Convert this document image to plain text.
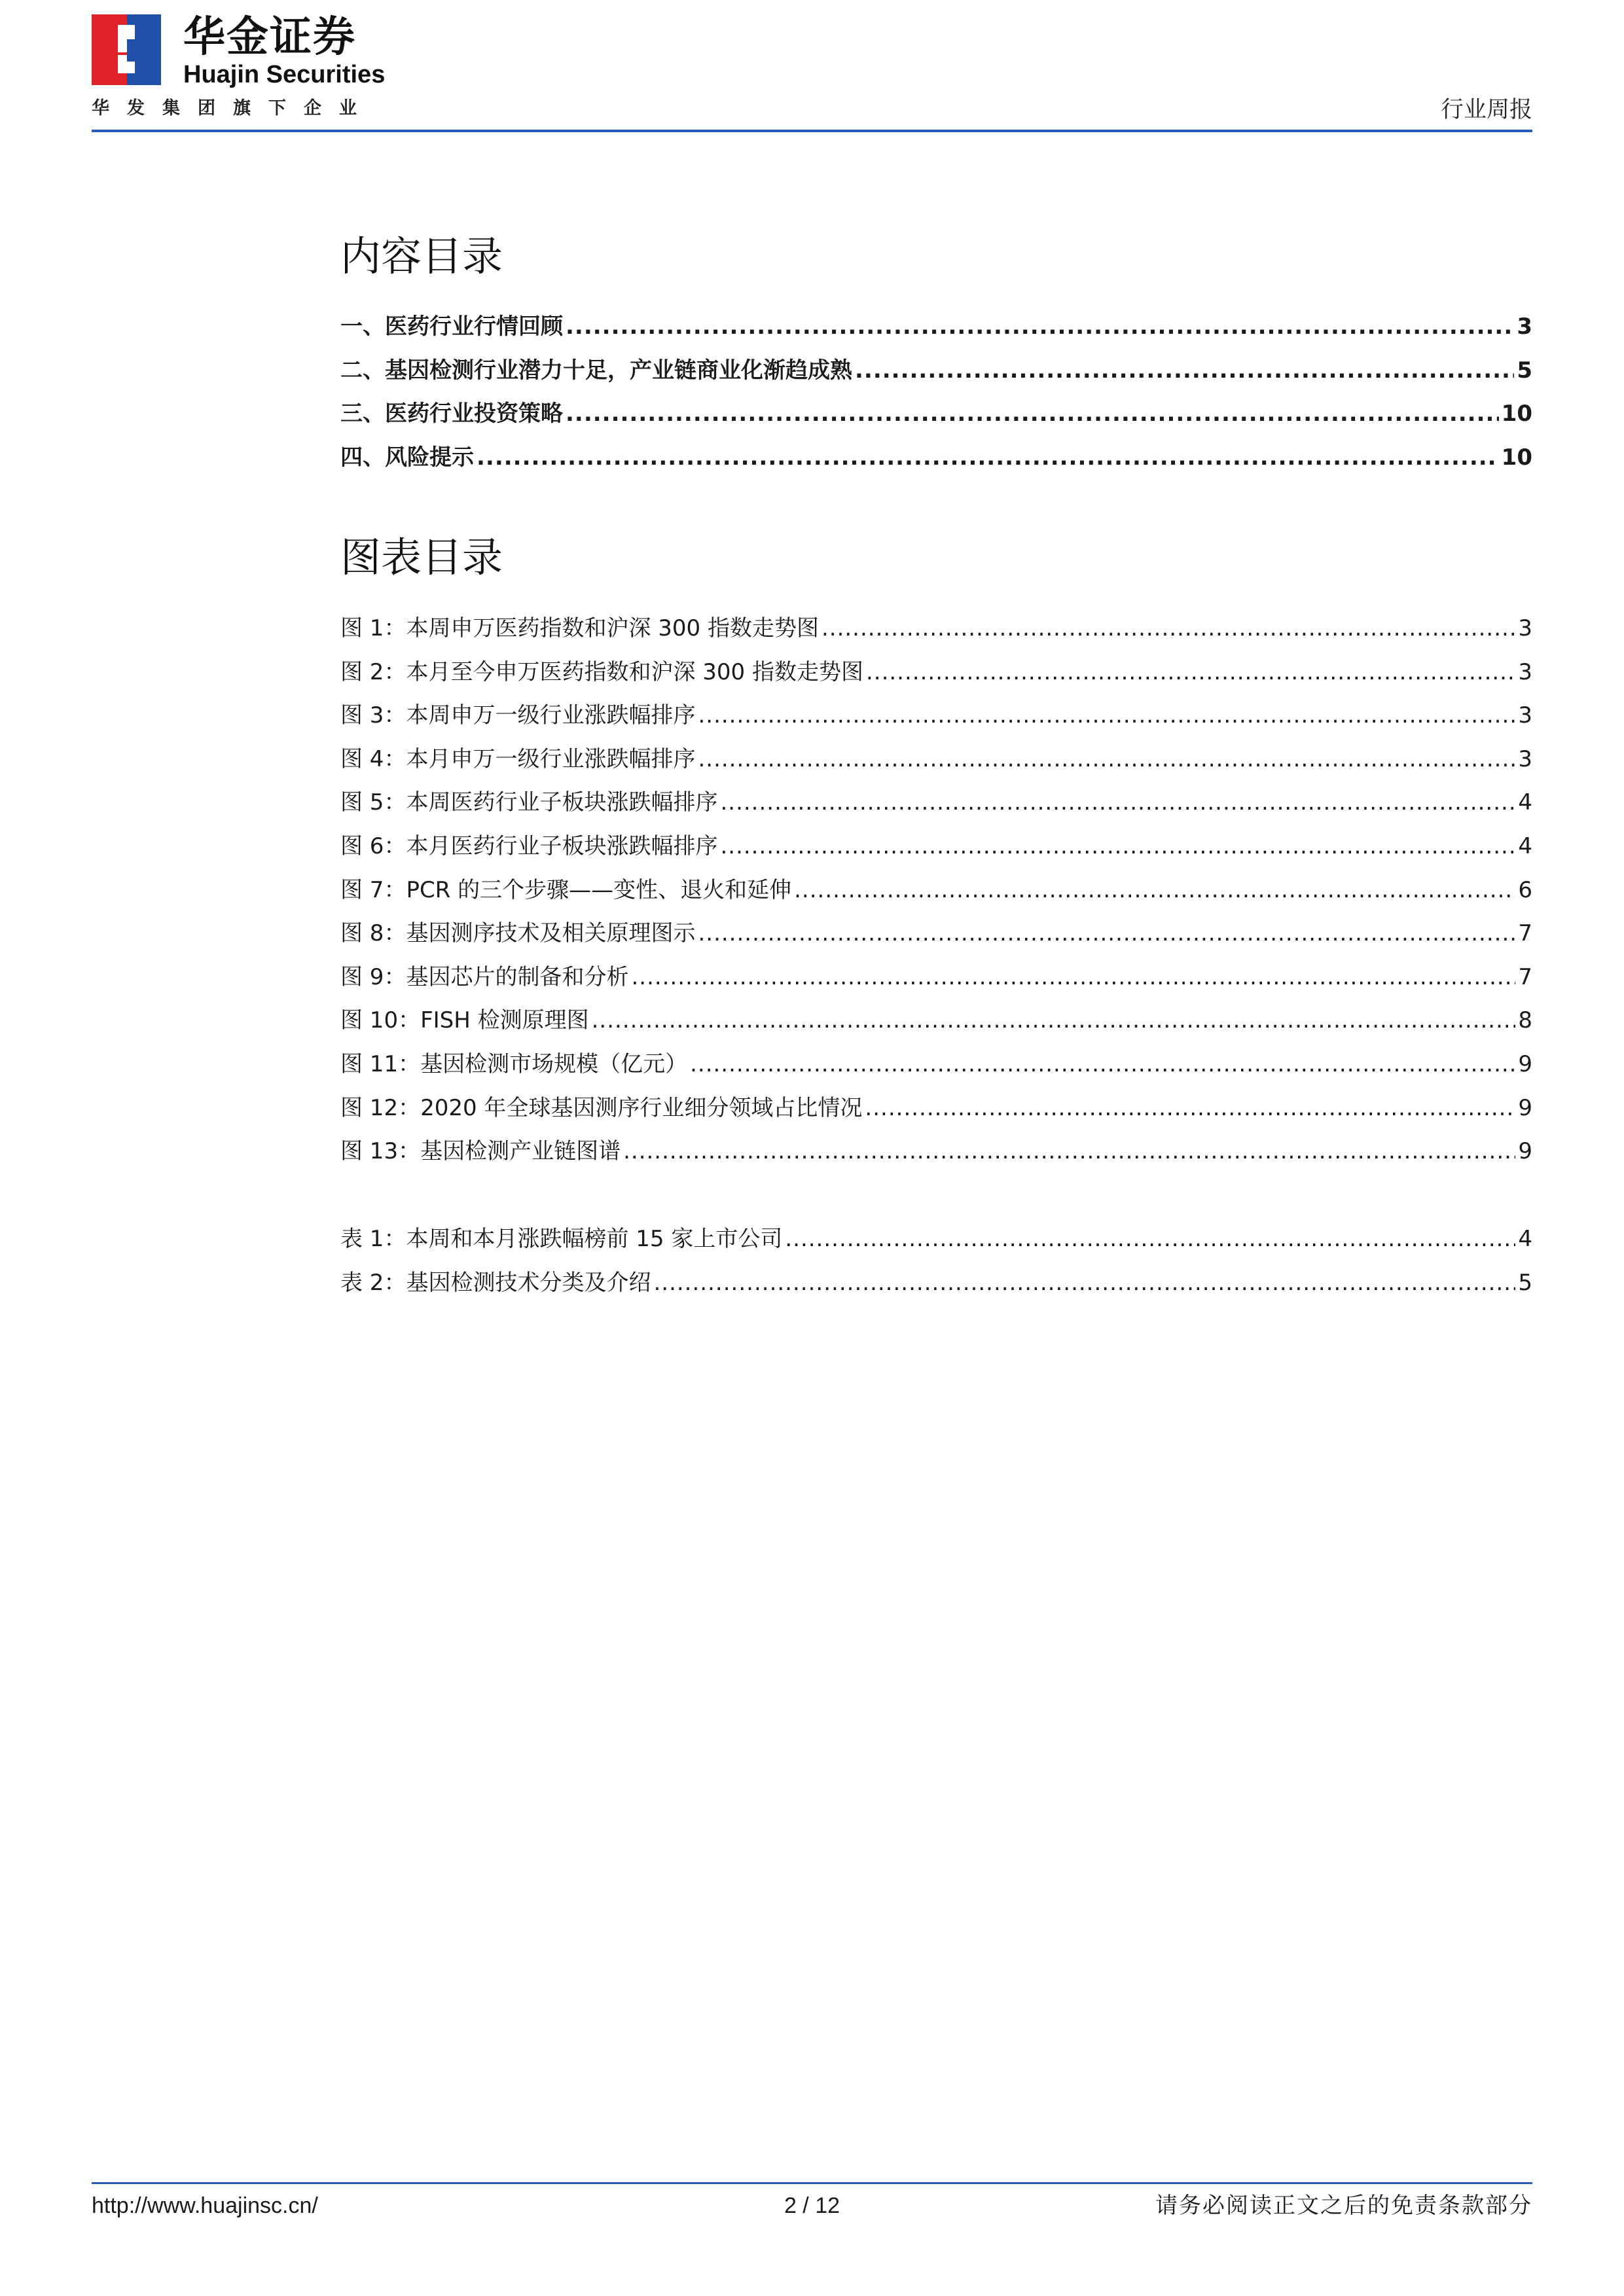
华金证券
Huajin Securities
华发集团旗下企业	行业周报
内容目录
一、医药行业行情回顾 .....	3
二、基因检测行业潜力十足，产业链商业化渐趋成熟 .....	5
三、医药行业投资策略 .....	10
四、风险提示 .....	10
图表目录
图 1：本周申万医药指数和沪深 300 指数走势图 .....	3
图 2：本月至今申万医药指数和沪深 300 指数走势图 .....	3
图 3：本周申万一级行业涨跌幅排序 .....	3
图 4：本月申万一级行业涨跌幅排序 .....	3
图 5：本周医药行业子板块涨跌幅排序 .....	4
图 6：本月医药行业子板块涨跌幅排序 .....	4
图 7：PCR 的三个步骤——变性、退火和延伸 .....	6
图 8：基因测序技术及相关原理图示 .....	7
图 9：基因芯片的制备和分析 .....	7
图 10：FISH 检测原理图 .....	8
图 11：基因检测市场规模（亿元） .....	9
图 12：2020 年全球基因测序行业细分领域占比情况 .....	9
图 13：基因检测产业链图谱 .....	9
表 1：本周和本月涨跌幅榜前 15 家上市公司 .....	4
表 2：基因检测技术分类及介绍 .....	5
http://www.huajinsc.cn/	2 / 12	请务必阅读正文之后的免责条款部分
